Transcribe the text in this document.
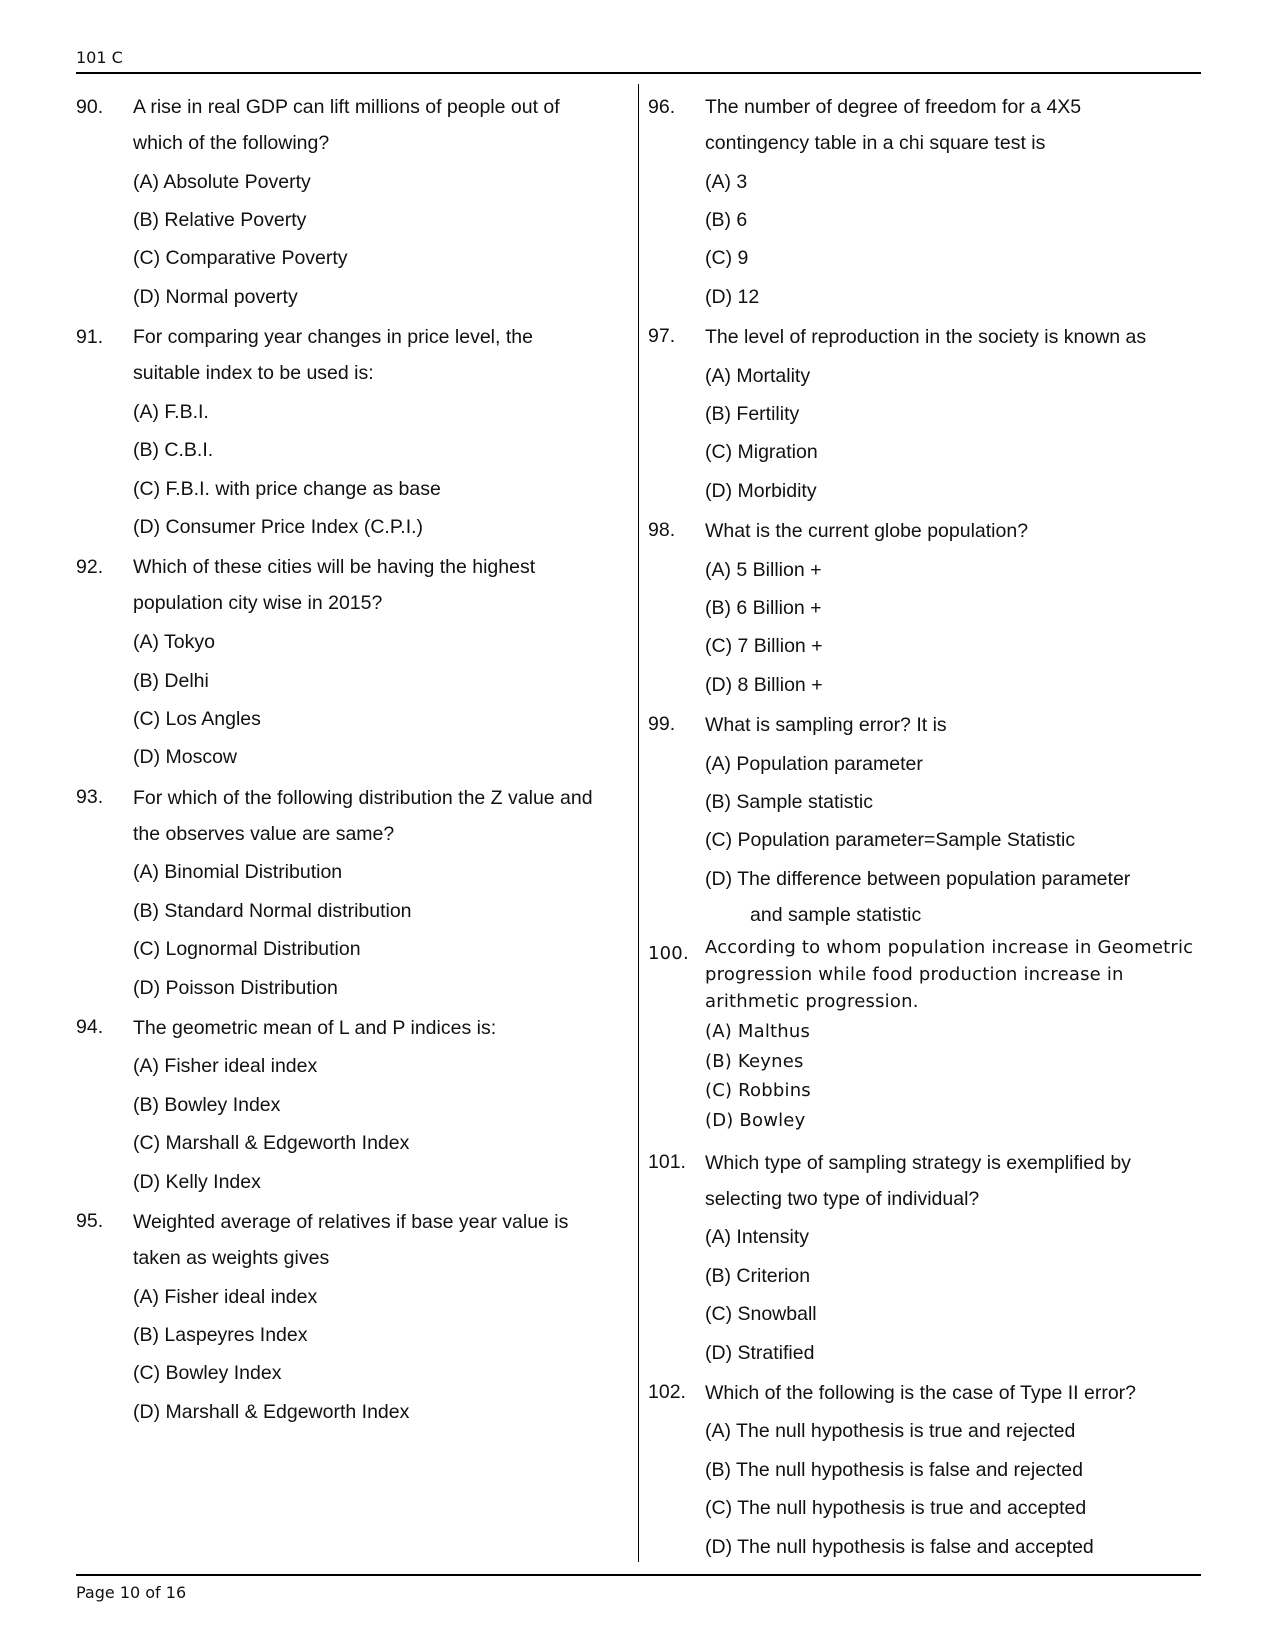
101 C
90. A rise in real GDP can lift millions of people out of
which of the following?
(A) Absolute Poverty
(B) Relative Poverty
(C) Comparative Poverty
(D) Normal poverty
91. For comparing year changes in price level, the
suitable index to be used is:
(A) F.B.I.
(B) C.B.I.
(C) F.B.I. with price change as base
(D) Consumer Price Index (C.P.I.)
92. Which of these cities will be having the highest
population city wise in 2015?
(A) Tokyo
(B) Delhi
(C) Los Angles
(D) Moscow
93. For which of the following distribution the Z value and
the observes value are same?
(A) Binomial Distribution
(B) Standard Normal distribution
(C) Lognormal Distribution
(D) Poisson Distribution
94. The geometric mean of L and P indices is:
(A) Fisher ideal index
(B) Bowley Index
(C) Marshall & Edgeworth Index
(D) Kelly Index
95. Weighted average of relatives if base year value is
taken as weights gives
(A) Fisher ideal index
(B) Laspeyres Index
(C) Bowley Index
(D) Marshall & Edgeworth Index
96. The number of degree of freedom for a 4X5
contingency table in a chi square test is
(A) 3
(B) 6
(C) 9
(D) 12
97. The level of reproduction in the society is known as
(A) Mortality
(B) Fertility
(C) Migration
(D) Morbidity
98. What is the current globe population?
(A) 5 Billion +
(B) 6 Billion +
(C) 7 Billion +
(D) 8 Billion +
99. What is sampling error? It is
(A) Population parameter
(B) Sample statistic
(C) Population parameter=Sample Statistic
(D) The difference between population parameter
and sample statistic
100. According to whom population increase in Geometric
progression while food production increase in
arithmetic progression.
(A) Malthus
(B) Keynes
(C) Robbins
(D) Bowley
101. Which type of sampling strategy is exemplified by
selecting two type of individual?
(A) Intensity
(B) Criterion
(C) Snowball
(D) Stratified
102. Which of the following is the case of Type II error?
(A) The null hypothesis is true and rejected
(B) The null hypothesis is false and rejected
(C) The null hypothesis is true and accepted
(D) The null hypothesis is false and accepted
Page 10 of 16
